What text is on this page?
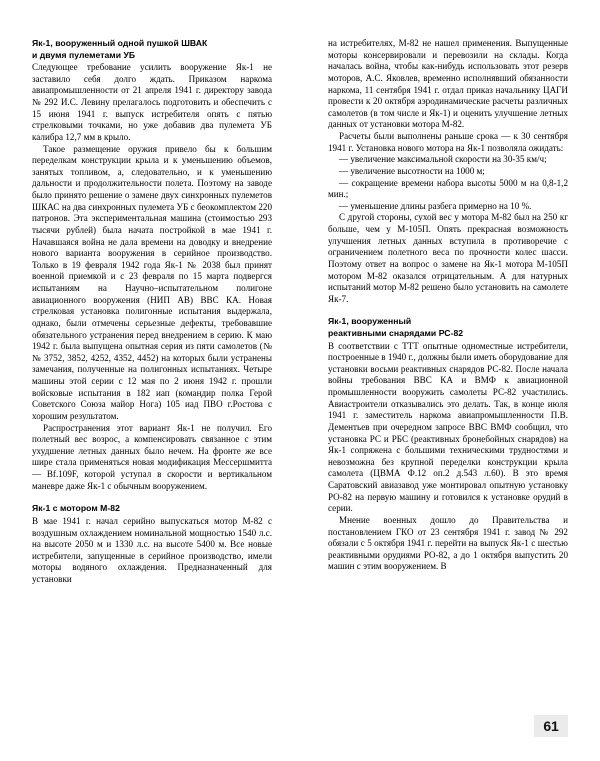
Як-1, вооруженный одной пушкой ШВАК
и двумя пулеметами УБ

Следующее требование усилить вооружение Як-1 не заставило себя долго ждать. Приказом наркома авиапромышленности от 21 апреля 1941 г. директору завода № 292 И.С. Левину прелагалось подготовить и обеспечить с 15 июня 1941 г. выпуск истребителя опять с пятью стрелковыми точками, но уже добавив два пулемета УБ калибра 12,7 мм в крыло.

Такое размещение оружия привело бы к большим переделкам конструкции крыла и к уменьшению объемов, занятых топливом, а, следовательно, и к уменьшению дальности и продолжительности полета. Поэтому на заводе было принято решение о замене двух синхронных пулеметов ШКАС на два синхронных пулемета УБ с беокомплектом 220 патронов. Эта экспериментальная машина (стоимостью 293 тысячи рублей) была начата постройкой в мае 1941 г. Начавшаяся война не дала времени на доводку и внедрение нового варианта вооружения в серийное производство. Только в 19 февраля 1942 года Як-1 № 2038 был принят военной приемкой и с 23 февраля по 15 марта подвергся испытаниям на Научно–испытательном полигоне авиационного вооружения (НИП АВ) ВВС КА. Новая стрелковая установка полигонные испытания выдержала, однако, были отмечены серьезные дефекты, требовавшие обязательного устранения перед внедрением в серию. К маю 1942 г. была выпущена опытная серия из пяти самолетов (№№ 3752, 3852, 4252, 4352, 4452) на которых были устранены замечания, полученные на полигонных испытаниях. Четыре машины этой серии с 12 мая по 2 июня 1942 г. прошли войсковые испытания в 182 иап (командир полка Герой Советского Союза майор Нога) 105 иад ПВО г.Ростова с хорошим результатом.

Распространения этот вариант Як-1 не получил. Его полетный вес возрос, а компенсировать связанное с этим ухудшение летных данных было нечем. На фронте же все шире стала применяться новая модификация Мессершмитта — Bf.109F, которой уступал в скорости и вертикальном маневре даже Як-1 с обычным вооружением.

Як-1 с мотором М-82

В мае 1941 г. начал серийно выпускаться мотор М-82 с воздушным охлаждением номинальной мощностью 1540 л.с. на высоте 2050 м и 1330 л.с. на высоте 5400 м. Все новые истребители, запущенные в серийное производство, имели моторы водяного охлаждения. Предназначенный для установки

на истребителях, М-82 не нашел применения. Выпущенные моторы консервировали и перевозили на склады. Когда началась война, чтобы как-нибудь использовать этот резерв моторов, А.С. Яковлев, временно исполнявший обязанности наркома, 11 сентября 1941 г. отдал приказ начальнику ЦАГИ провести к 20 октября аэродинамические расчеты различных самолетов (в том числе и Як-1) и оценить улучшение летных данных от установки мотора М-82.

Расчеты были выполнены раньше срока — к 30 сентября 1941 г. Установка нового мотора на Як-1 позволяла ожидать:

— увеличение максимальной скорости на 30-35 км/ч;

— увеличение высотности на 1000 м;

— сокращение времени набора высоты 5000 м на 0,8-1,2 мин.;

— уменьшение длины разбега примерно на 10 %.

С другой стороны, сухой вес у мотора М-82 был на 250 кг больше, чем у М-105П. Опять прекрасная возможность улучшения летных данных вступила в противоречие с ограничением полетного веса по прочности колес шасси. Поэтому ответ на вопрос о замене на Як-1 мотора М-105П мотором М-82 оказался отрицательным. А для натурных испытаний мотор М-82 решено было установить на самолете Як-7.

Як-1, вооруженный
реактивными снарядами РС-82

В соответствии с ТТТ опытные одноместные истребители, построенные в 1940 г., должны были иметь оборудование для установки восьми реактивных снарядов РС-82. После начала войны требования ВВС КА и ВМФ к авиационной промышленности вооружить самолеты РС-82 участились. Авиастроители отказывались это делать. Так, в конце июля 1941 г. заместитель наркома авиапромышленности П.В. Дементьев при очередном запросе ВВС ВМФ сообщил, что установка РС и РБС (реактивных бронебойных снарядов) на Як-1 сопряжена с большими техническими трудностями и невозможна без крупной переделки конструкции крыла самолета (ЦВМА Ф.12 оп.2 д.543 л.60). В это время Саратовский авиазавод уже монтировал опытную установку РО-82 на первую машину и готовился к установке орудий в серии.

Мнение военных дошло до Правительства и постановлением ГКО от 23 сентября 1941 г. завод № 292 обязали с 5 октября 1941 г. перейти на выпуск Як-1 с шестью реактивными орудиями РО-82, а до 1 октября выпустить 20 машин с этим вооружением. В

61
